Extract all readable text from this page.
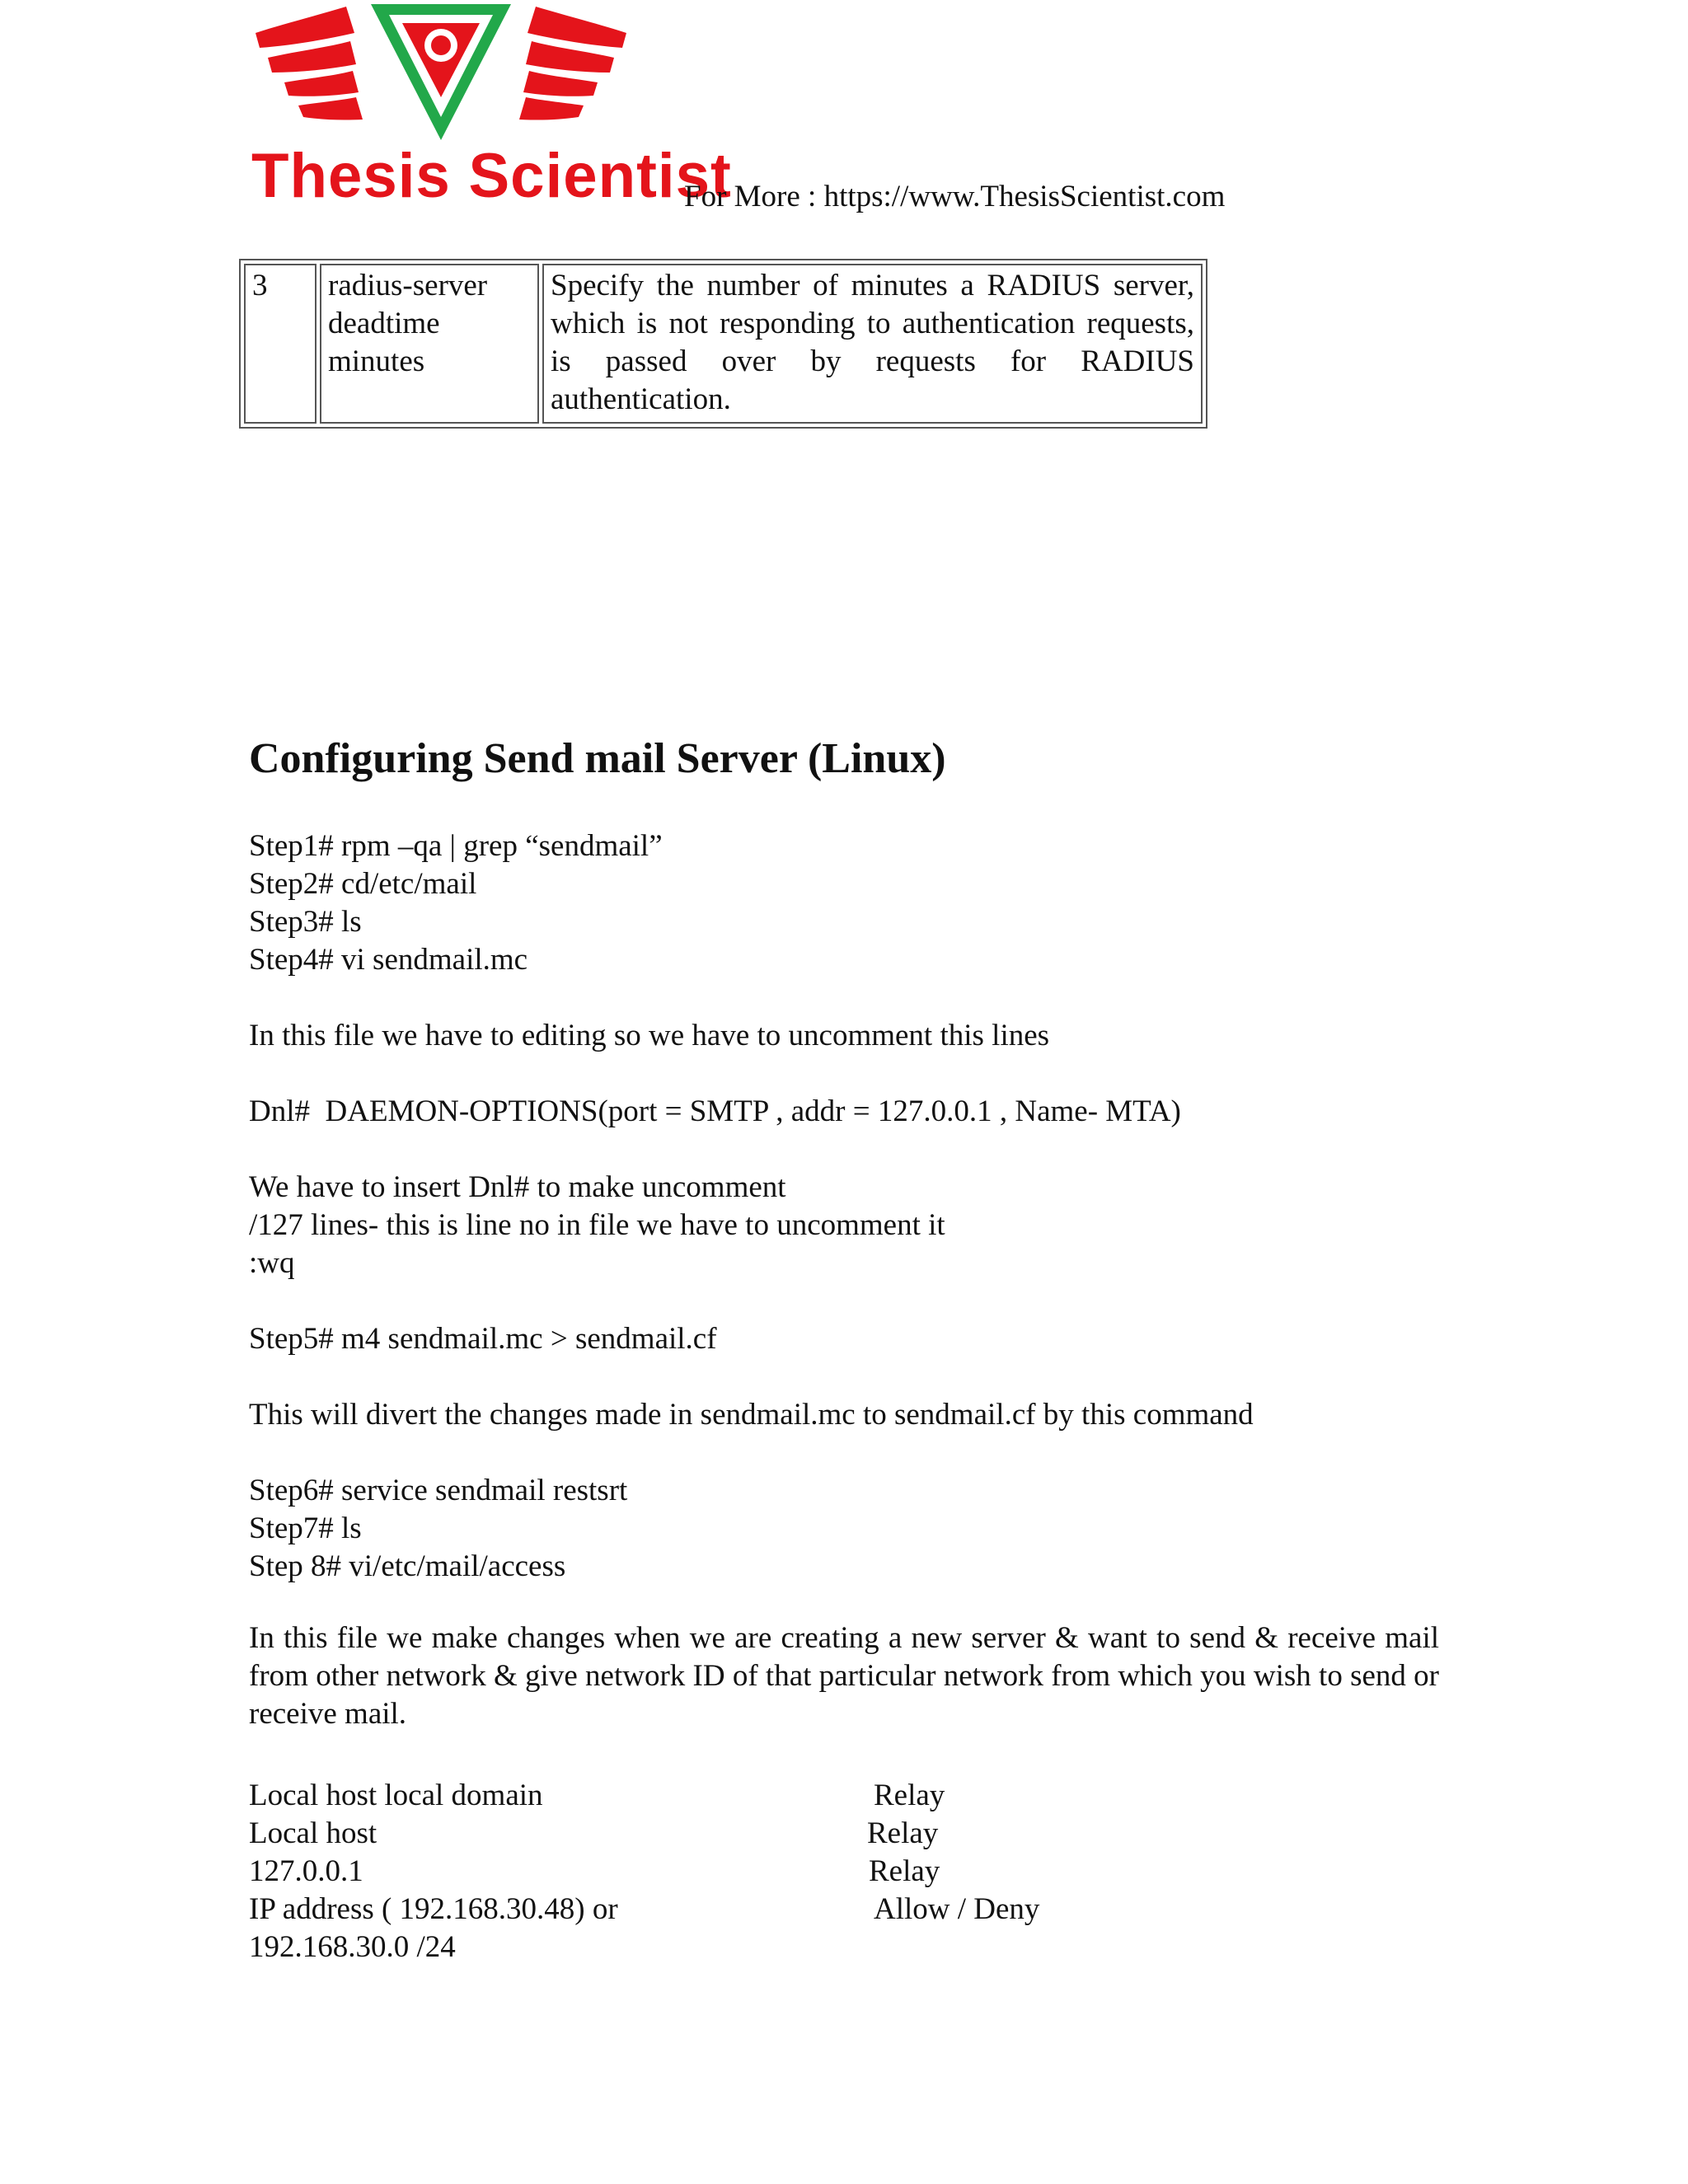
Thesis Scientist
For More : https://www.ThesisScientist.com
3	radius-server deadtime minutes	Specify the number of minutes a RADIUS server, which is not responding to authentication requests, is passed over by requests for RADIUS authentication.
Configuring Send mail Server (Linux)
Step1# rpm –qa | grep “sendmail”
Step2# cd/etc/mail
Step3# ls
Step4# vi sendmail.mc
In this file we have to editing so we have to uncomment this lines
Dnl#  DAEMON-OPTIONS(port = SMTP , addr = 127.0.0.1 , Name- MTA)
We have to insert Dnl# to make uncomment
/127 lines- this is line no in file we have to uncomment it
:wq
Step5# m4 sendmail.mc > sendmail.cf
This will divert the changes made in sendmail.mc to sendmail.cf by this command
Step6# service sendmail restsrt
Step7# ls
Step 8# vi/etc/mail/access
In this file we make changes when we are creating a new server & want to send & receive mail from other network & give network ID of that particular network from which you wish to send or receive mail.
Local host local domain	Relay
Local host	Relay
127.0.0.1	Relay
IP address ( 192.168.30.48) or	Allow / Deny
192.168.30.0 /24
